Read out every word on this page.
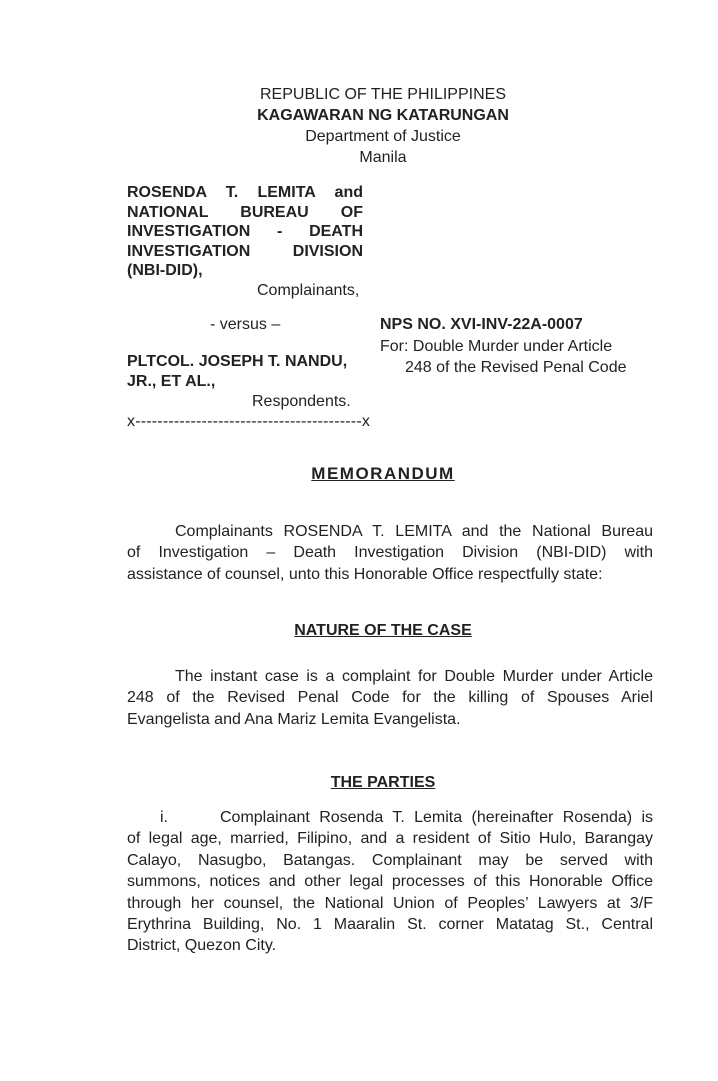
REPUBLIC OF THE PHILIPPINES
KAGAWARAN NG KATARUNGAN
Department of Justice
Manila
ROSENDA T. LEMITA and
NATIONAL BUREAU OF
INVESTIGATION - DEATH
INVESTIGATION DIVISION
(NBI-DID),
Complainants,
- versus –
PLTCOL. JOSEPH T. NANDU,
JR., ET AL.,
Respondents.
x-----------------------------------------x
NPS NO. XVI-INV-22A-0007
For: Double Murder under Article
248 of the Revised Penal Code
MEMORANDUM
Complainants ROSENDA T. LEMITA and the National Bureau
of Investigation – Death Investigation Division (NBI-DID) with
assistance of counsel, unto this Honorable Office respectfully state:
NATURE OF THE CASE
The instant case is a complaint for Double Murder under Article
248 of the Revised Penal Code for the killing of Spouses Ariel
Evangelista and Ana Mariz Lemita Evangelista.
THE PARTIES
i.	Complainant Rosenda T. Lemita (hereinafter Rosenda) is
of legal age, married, Filipino, and a resident of Sitio Hulo, Barangay
Calayo, Nasugbo, Batangas. Complainant may be served with
summons, notices and other legal processes of this Honorable Office
through her counsel, the National Union of Peoples’ Lawyers at 3/F
Erythrina Building, No. 1 Maaralin St. corner Matatag St., Central
District, Quezon City.
